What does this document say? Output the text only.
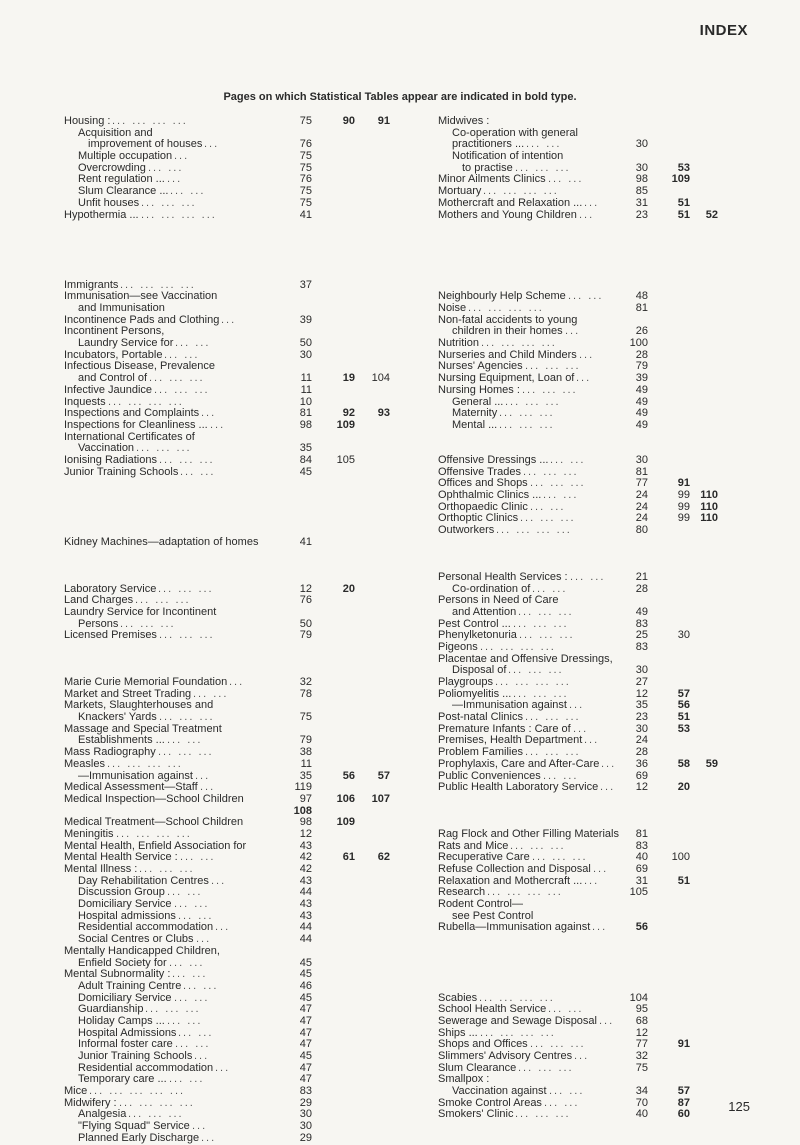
INDEX
Pages on which Statistical Tables appear are indicated in bold type.
Housing : ... ... ... ...	75	90	91
Acquisition and
improvement of houses ...	76
Multiple occupation ...	75
Overcrowding ... ...	75
Rent regulation ... ...	76
Slum Clearance ... ... ...	75
Unfit houses ... ... ...	75
Hypothermia ... ... ... ... ...	41
Immigrants ... ... ... ...	37
Immunisation—see Vaccination
and Immunisation
Incontinence Pads and Clothing ...	39
Incontinent Persons,
Laundry Service for ... ...	50
Incubators, Portable ... ...	30
Infectious Disease, Prevalence
and Control of ... ... ...	11	19	104
Infective Jaundice ... ... ...	11
Inquests ... ... ... ...	10
Inspections and Complaints ...	81	92	93
Inspections for Cleanliness ... ...	98	109
International Certificates of
Vaccination ... ... ...	35
Ionising Radiations ... ... ...	84	105
Junior Training Schools ... ...	45
Kidney Machines—adaptation of homes	41
Laboratory Service ... ... ...	12	20
Land Charges ... ... ...	76
Laundry Service for Incontinent
Persons ... ... ...	50
Licensed Premises ... ... ...	79
Marie Curie Memorial Foundation ...	32
Market and Street Trading ... ...	78
Markets, Slaughterhouses and
Knackers' Yards ... ... ...	75
Massage and Special Treatment
Establishments ... ... ...	79
Mass Radiography ... ... ...	38
Measles ... ... ... ...	11
—Immunisation against ...	35	56	57
Medical Assessment—Staff ...	119
Medical Inspection—School Children	97	106	107
108
Medical Treatment—School Children	98	109
Meningitis ... ... ... ...	12
Mental Health, Enfield Association for	43
Mental Health Service : ... ...	42	61	62
Mental Illness : ... ... ...	42
Day Rehabilitation Centres ...	43
Discussion Group ... ...	44
Domiciliary Service ... ...	43
Hospital admissions ... ...	43
Residential accommodation ...	44
Social Centres or Clubs ...	44
Mentally Handicapped Children,
Enfield Society for ... ...	45
Mental Subnormality : ... ...	45
Adult Training Centre ... ...	46
Domiciliary Service ... ...	45
Guardianship ... ... ...	47
Holiday Camps ... ... ...	47
Hospital Admissions ... ...	47
Informal foster care ... ...	47
Junior Training Schools ...	45
Residential accommodation ...	47
Temporary care ... ... ...	47
Mice ... ... ... ... ...	83
Midwifery : ... ... ... ...	29
Analgesia ... ... ...	30
"Flying Squad" Service ...	30
Planned Early Discharge ...	29
Midwives :
Co-operation with general
practitioners ... ... ...	30
Notification of intention
to practise ... ... ...	30	53
Minor Ailments Clinics ... ...	98	109
Mortuary ... ... ... ...	85
Mothercraft and Relaxation ... ...	31	51
Mothers and Young Children ...	23	51	52
Neighbourly Help Scheme ... ...	48
Noise ... ... ... ...	81
Non-fatal accidents to young
children in their homes ...	26
Nutrition ... ... ... ...	100
Nurseries and Child Minders ...	28
Nurses' Agencies ... ... ...	79
Nursing Equipment, Loan of ...	39
Nursing Homes : ... ... ...	49
General ... ... ... ...	49
Maternity ... ... ...	49
Mental ... ... ... ...	49
Offensive Dressings ... ... ...	30
Offensive Trades ... ... ...	81
Offices and Shops ... ... ...	77	91
Ophthalmic Clinics ... ... ...	24	99 110
Orthopaedic Clinic ... ...	24	99 110
Orthoptic Clinics ... ... ...	24	99 110
Outworkers ... ... ... ...	80
Personal Health Services : ... ...	21
Co-ordination of ... ...	28
Persons in Need of Care
and Attention ... ... ...	49
Pest Control ... ... ... ...	83
Phenylketonuria ... ... ...	25	30
Pigeons ... ... ... ...	83
Placentae and Offensive Dressings,
Disposal of ... ... ...	30
Playgroups ... ... ... ...	27
Poliomyelitis ... ... ... ...	12	57
—Immunisation against ...	35	56
Post-natal Clinics ... ... ...	23	51
Premature Infants : Care of ...	30	53
Premises, Health Department ...	24
Problem Families ... ... ...	28
Prophylaxis, Care and After-Care ...	36	58	59
Public Conveniences ... ...	69
Public Health Laboratory Service ...	12	20
Rag Flock and Other Filling Materials	81
Rats and Mice ... ... ...	83
Recuperative Care ... ... ...	40	100
Refuse Collection and Disposal ...	69
Relaxation and Mothercraft ... ...	31	51
Research ... ... ... ...	105
Rodent Control—
see Pest Control
Rubella—Immunisation against ...	56
Scabies ... ... ... ...	104
School Health Service ... ...	95
Sewerage and Sewage Disposal ...	68
Ships ... ... ... ... ...	12
Shops and Offices ... ... ...	77	91
Slimmers' Advisory Centres ...	32
Slum Clearance ... ... ...	75
Smallpox :
Vaccination against ... ...	34	57
Smoke Control Areas ... ...	70	87
Smokers' Clinic ... ... ...	40	60
125
